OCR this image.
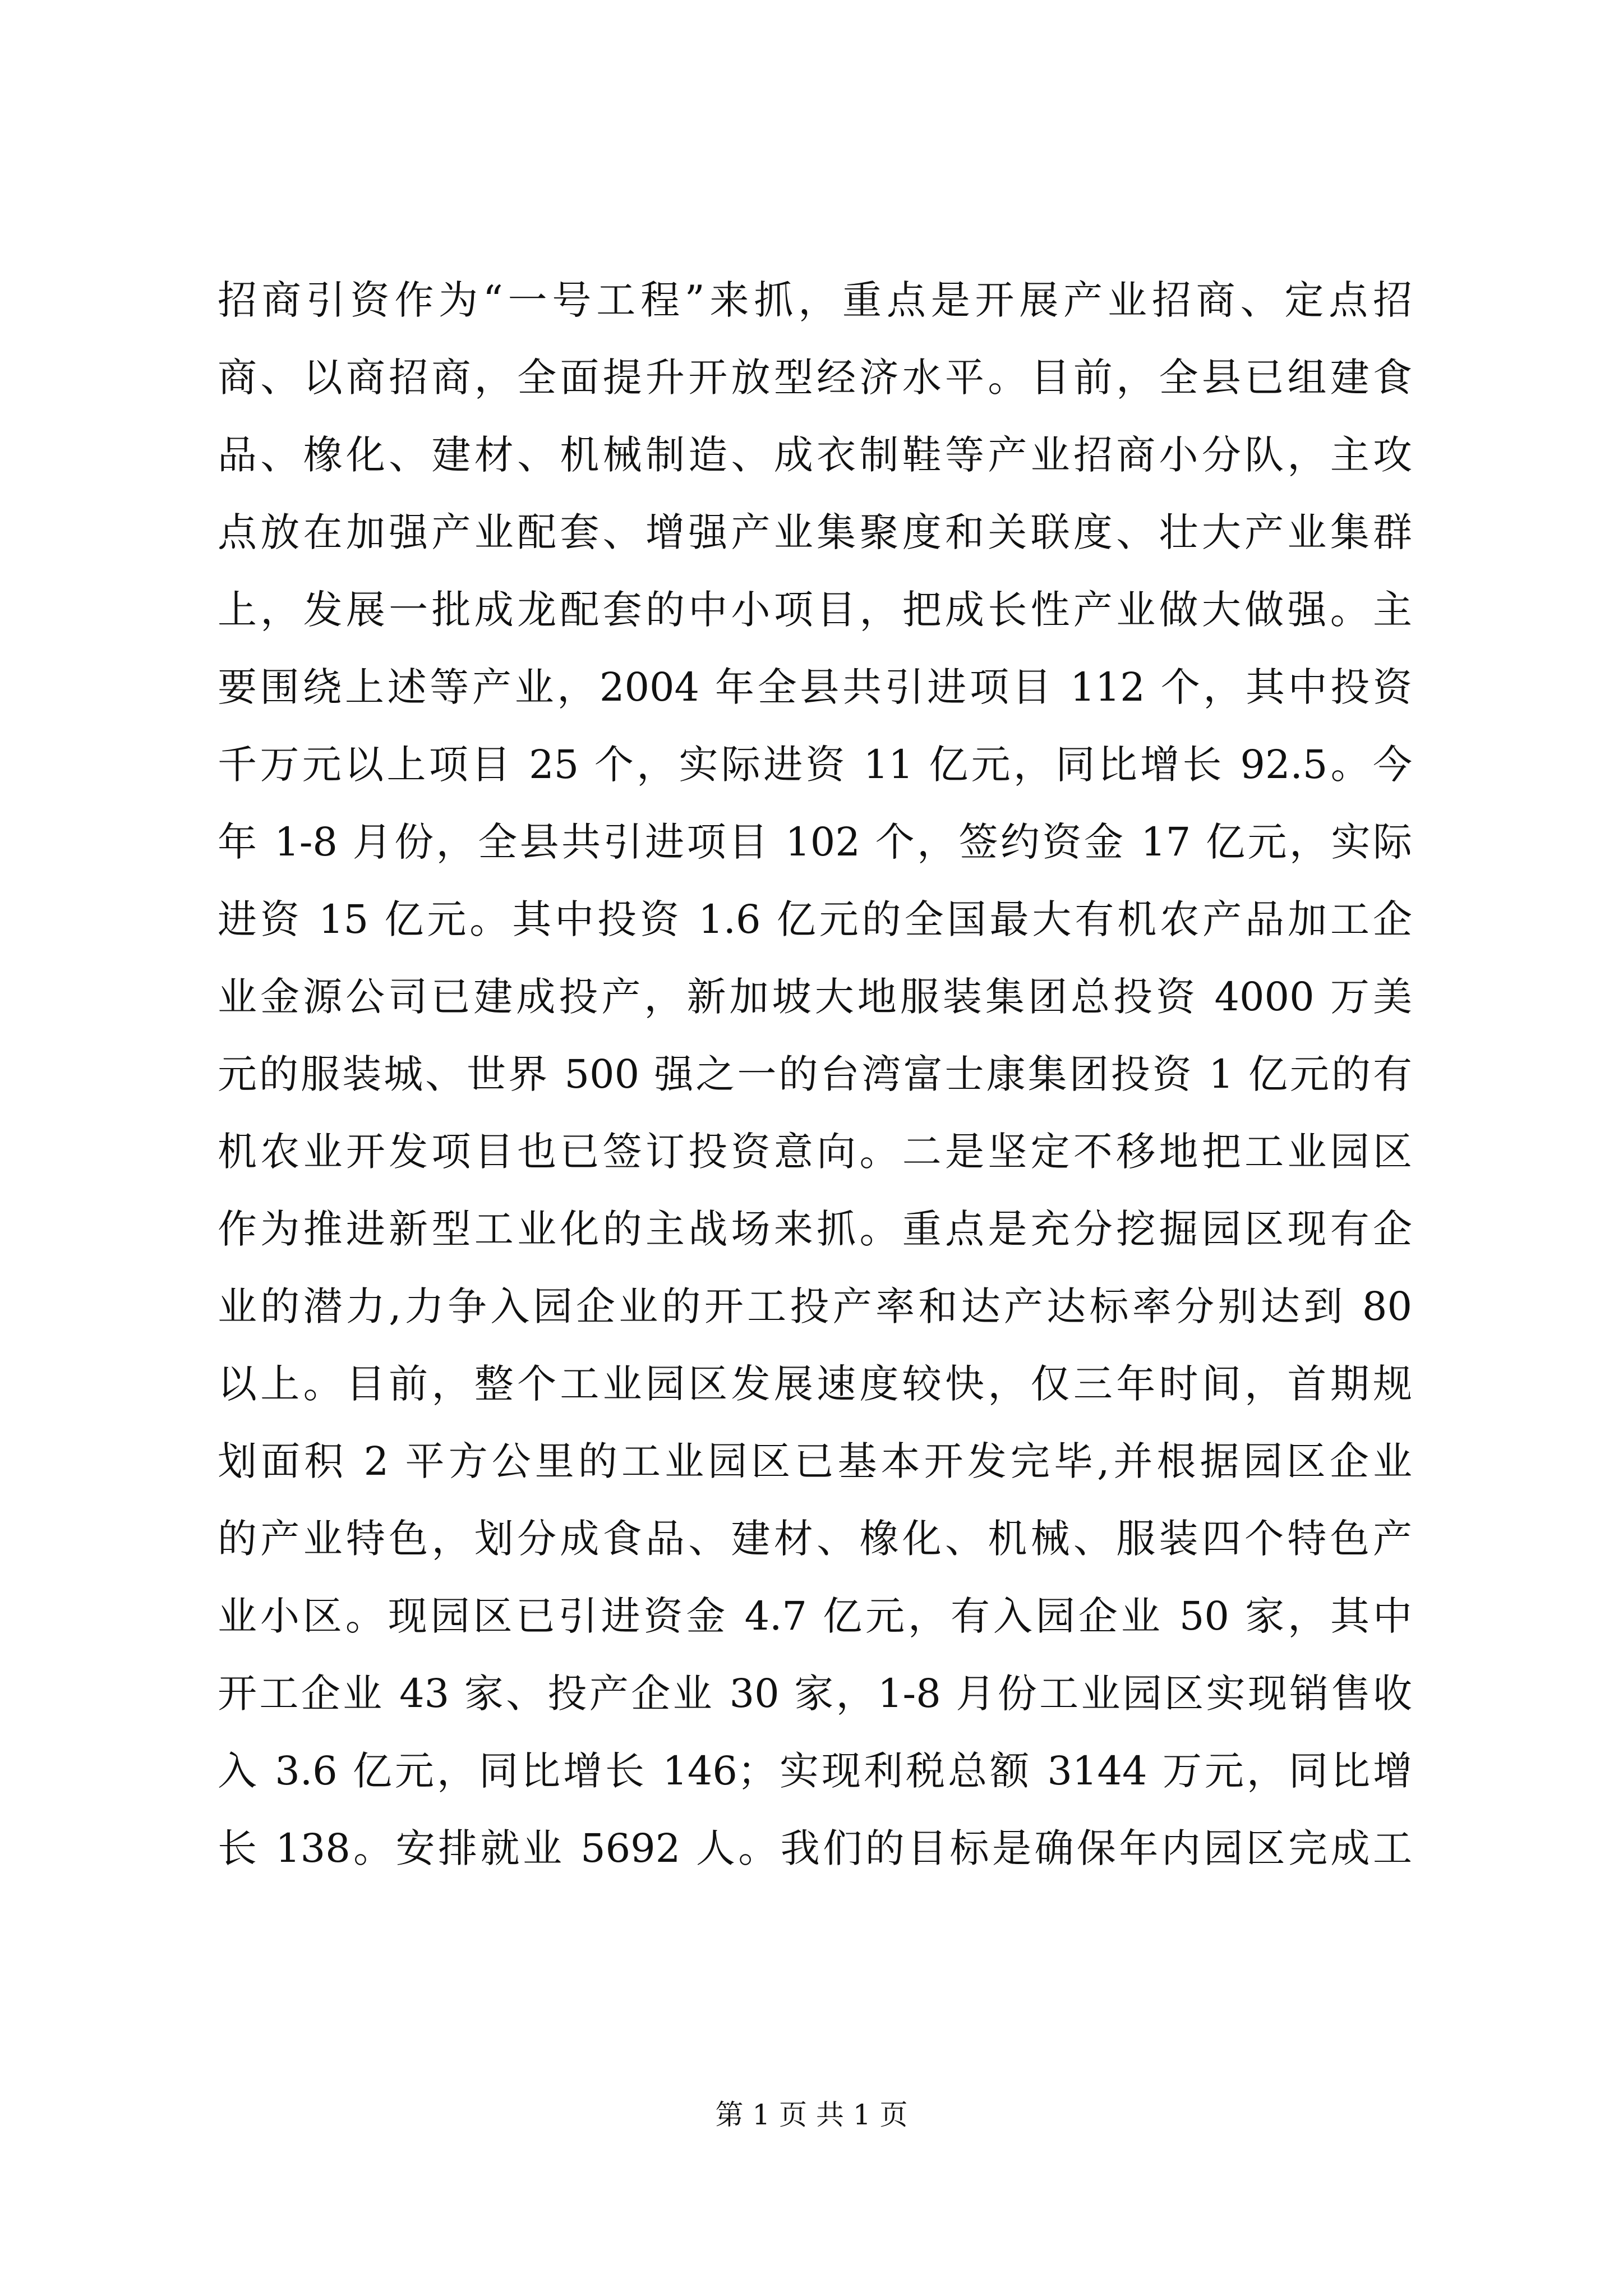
招商引资作为“一号工程”来抓，重点是开展产业招商、定点招
商、以商招商，全面提升开放型经济水平。目前，全县已组建食
品、橡化、建材、机械制造、成衣制鞋等产业招商小分队，主攻
点放在加强产业配套、增强产业集聚度和关联度、壮大产业集群
上，发展一批成龙配套的中小项目，把成长性产业做大做强。主
要围绕上述等产业，2004 年全县共引进项目 112 个，其中投资
千万元以上项目 25 个，实际进资 11 亿元，同比增长 92.5。今
年 1-8 月份，全县共引进项目 102 个，签约资金 17 亿元，实际
进资 15 亿元。其中投资 1.6 亿元的全国最大有机农产品加工企
业金源公司已建成投产，新加坡大地服装集团总投资 4000 万美
元的服装城、世界 500 强之一的台湾富士康集团投资 1 亿元的有
机农业开发项目也已签订投资意向。二是坚定不移地把工业园区
作为推进新型工业化的主战场来抓。重点是充分挖掘园区现有企
业的潜力,力争入园企业的开工投产率和达产达标率分别达到 80
以上。目前，整个工业园区发展速度较快，仅三年时间，首期规
划面积 2 平方公里的工业园区已基本开发完毕,并根据园区企业
的产业特色，划分成食品、建材、橡化、机械、服装四个特色产
业小区。现园区已引进资金 4.7 亿元，有入园企业 50 家，其中
开工企业 43 家、投产企业 30 家，1-8 月份工业园区实现销售收
入 3.6 亿元，同比增长 146；实现利税总额 3144 万元，同比增
长 138。安排就业 5692 人。我们的目标是确保年内园区完成工
第 1 页 共 1 页
